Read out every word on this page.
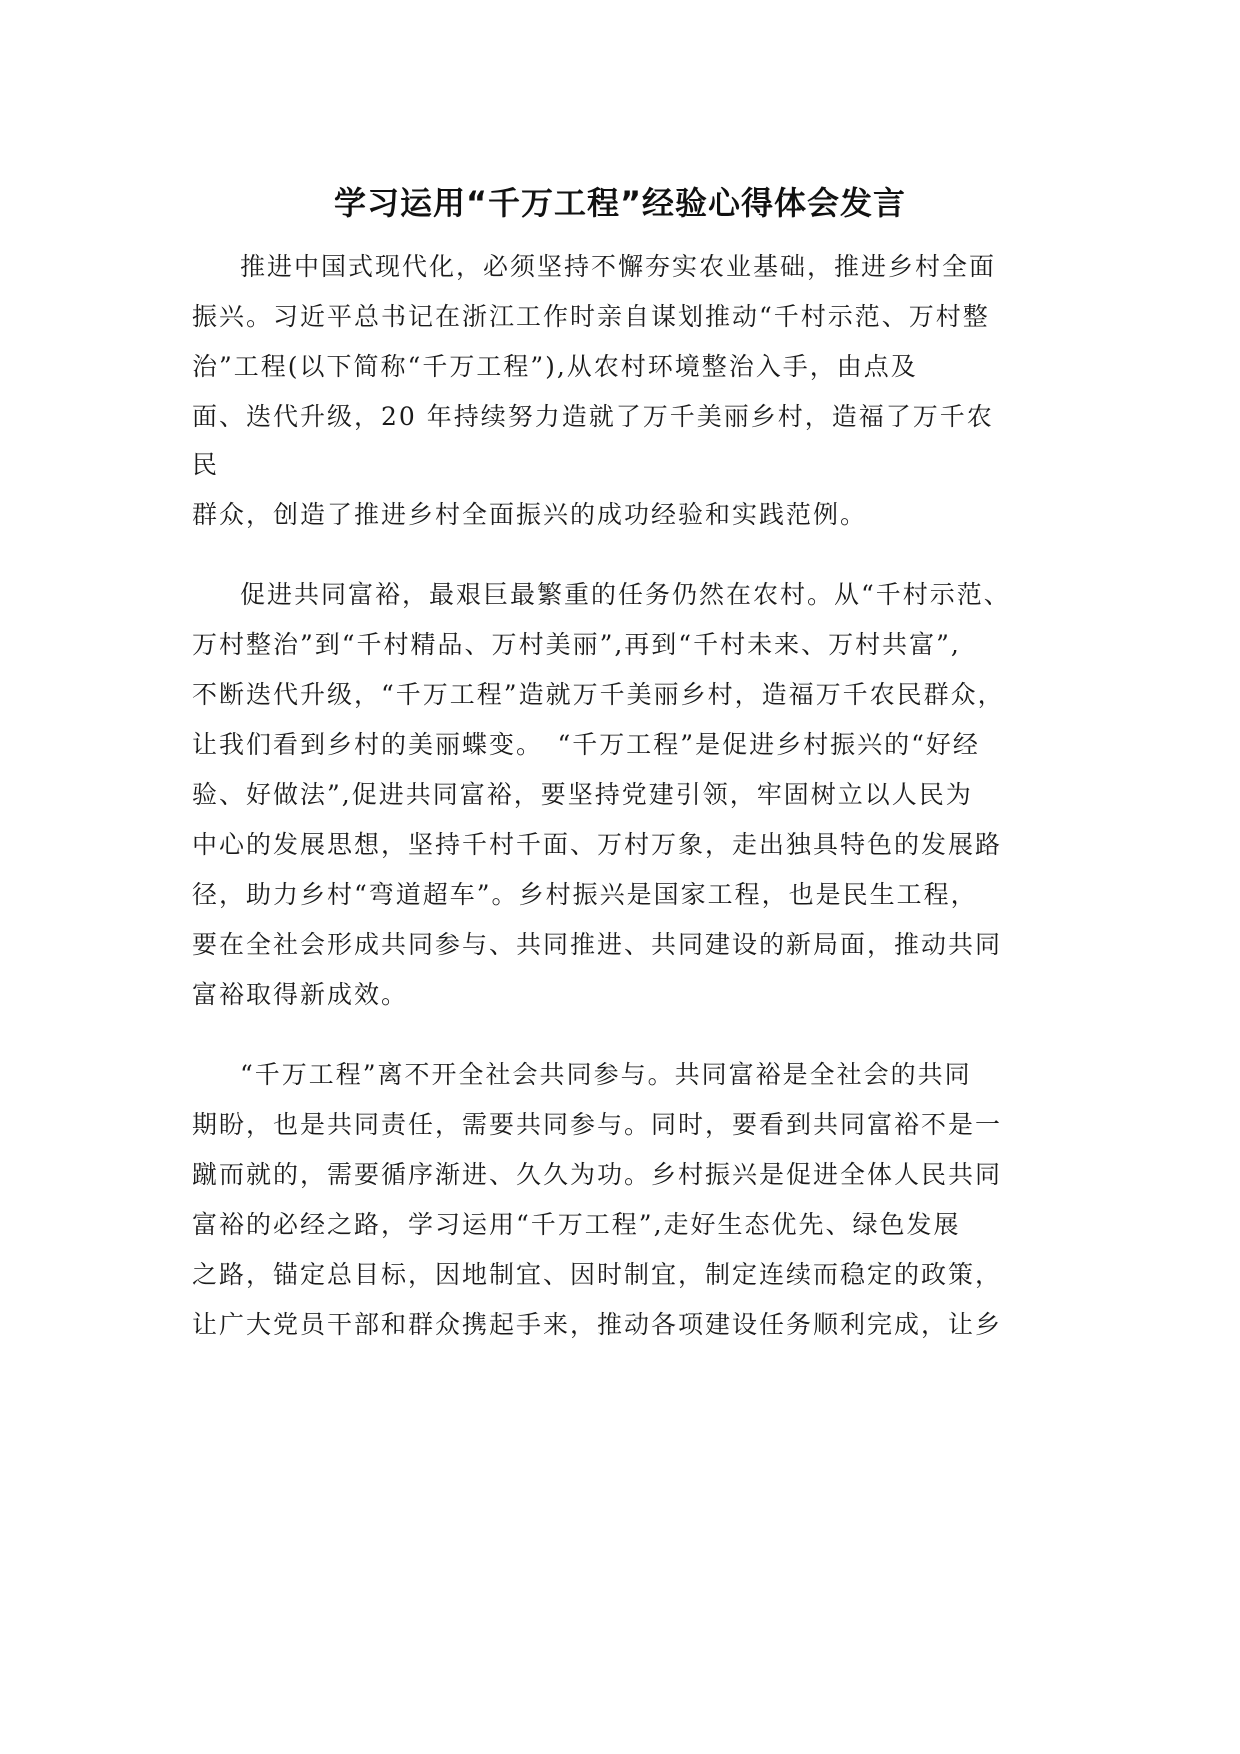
学习运用“千万工程”经验心得体会发言

推进中国式现代化，必须坚持不懈夯实农业基础，推进乡村全面

振兴。习近平总书记在浙江工作时亲自谋划推动“千村示范、万村整

治”工程(以下简称“千万工程”),从农村环境整治入手，由点及

面、迭代升级，20 年持续努力造就了万千美丽乡村，造福了万千农

民

群众，创造了推进乡村全面振兴的成功经验和实践范例。

促进共同富裕，最艰巨最繁重的任务仍然在农村。从“千村示范、

万村整治”到“千村精品、万村美丽”,再到“千村未来、万村共富”,

不断迭代升级，“千万工程”造就万千美丽乡村，造福万千农民群众，

让我们看到乡村的美丽蝶变。　“千万工程”是促进乡村振兴的“好经

验、好做法”,促进共同富裕，要坚持党建引领，牢固树立以人民为

中心的发展思想，坚持千村千面、万村万象，走出独具特色的发展路

径，助力乡村“弯道超车”。乡村振兴是国家工程，也是民生工程，

要在全社会形成共同参与、共同推进、共同建设的新局面，推动共同

富裕取得新成效。

“千万工程”离不开全社会共同参与。共同富裕是全社会的共同

期盼，也是共同责任，需要共同参与。同时，要看到共同富裕不是一

蹴而就的，需要循序渐进、久久为功。乡村振兴是促进全体人民共同

富裕的必经之路，学习运用“千万工程”,走好生态优先、绿色发展

之路，锚定总目标，因地制宜、因时制宜，制定连续而稳定的政策，

让广大党员干部和群众携起手来，推动各项建设任务顺利完成，让乡
